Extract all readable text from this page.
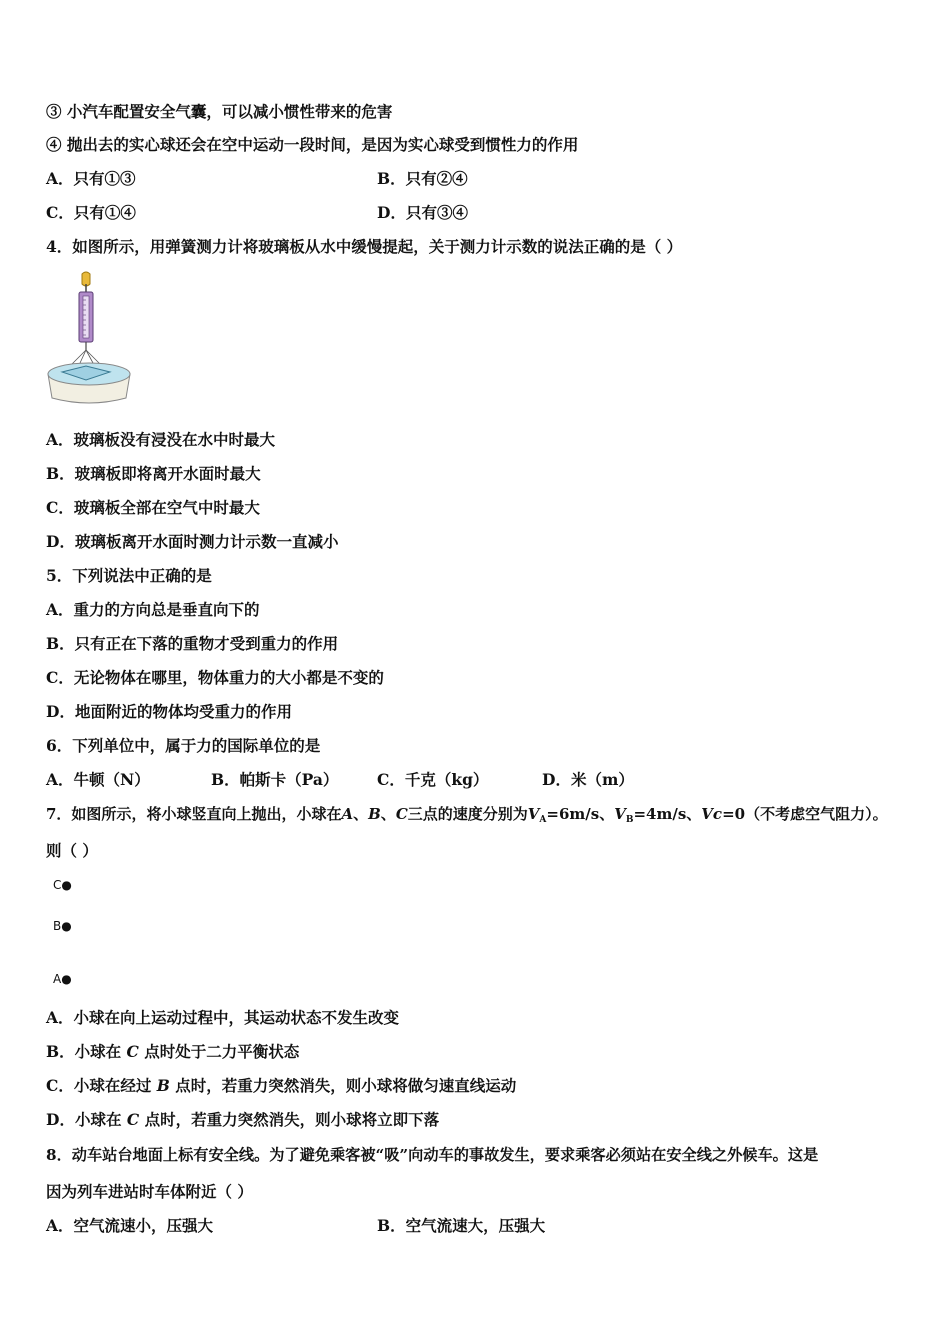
③ 小汽车配置安全气囊，可以减小惯性带来的危害
④ 抛出去的实心球还会在空中运动一段时间，是因为实心球受到惯性力的作用
A．只有①③	B．只有②④
C．只有①④	D．只有③④
4．如图所示，用弹簧测力计将玻璃板从水中缓慢提起，关于测力计示数的说法正确的是（ ）
A．玻璃板没有浸没在水中时最大
B．玻璃板即将离开水面时最大
C．玻璃板全部在空气中时最大
D．玻璃板离开水面时测力计示数一直减小
5．下列说法中正确的是
A．重力的方向总是垂直向下的
B．只有正在下落的重物才受到重力的作用
C．无论物体在哪里，物体重力的大小都是不变的
D．地面附近的物体均受重力的作用
6．下列单位中，属于力的国际单位的是
A．牛顿（N）	B．帕斯卡（Pa） C．千克（kg）	D．米（m）
7．如图所示，将小球竖直向上抛出，小球在A、B、C三点的速度分别为$V_A=6m/s$、$V_B=4m/s$、Vc=0（不考虑空气阻力）。
则（ ）
C●
B●
A●
A．小球在向上运动过程中，其运动状态不发生改变
B．小球在 C 点时处于二力平衡状态
C．小球在经过 B 点时，若重力突然消失，则小球将做匀速直线运动
D．小球在 C 点时，若重力突然消失，则小球将立即下落
8．动车站台地面上标有安全线。为了避免乘客被“吸”向动车的事故发生，要求乘客必须站在安全线之外候车。这是
因为列车进站时车体附近（ ）
A．空气流速小，压强大	B．空气流速大，压强大
